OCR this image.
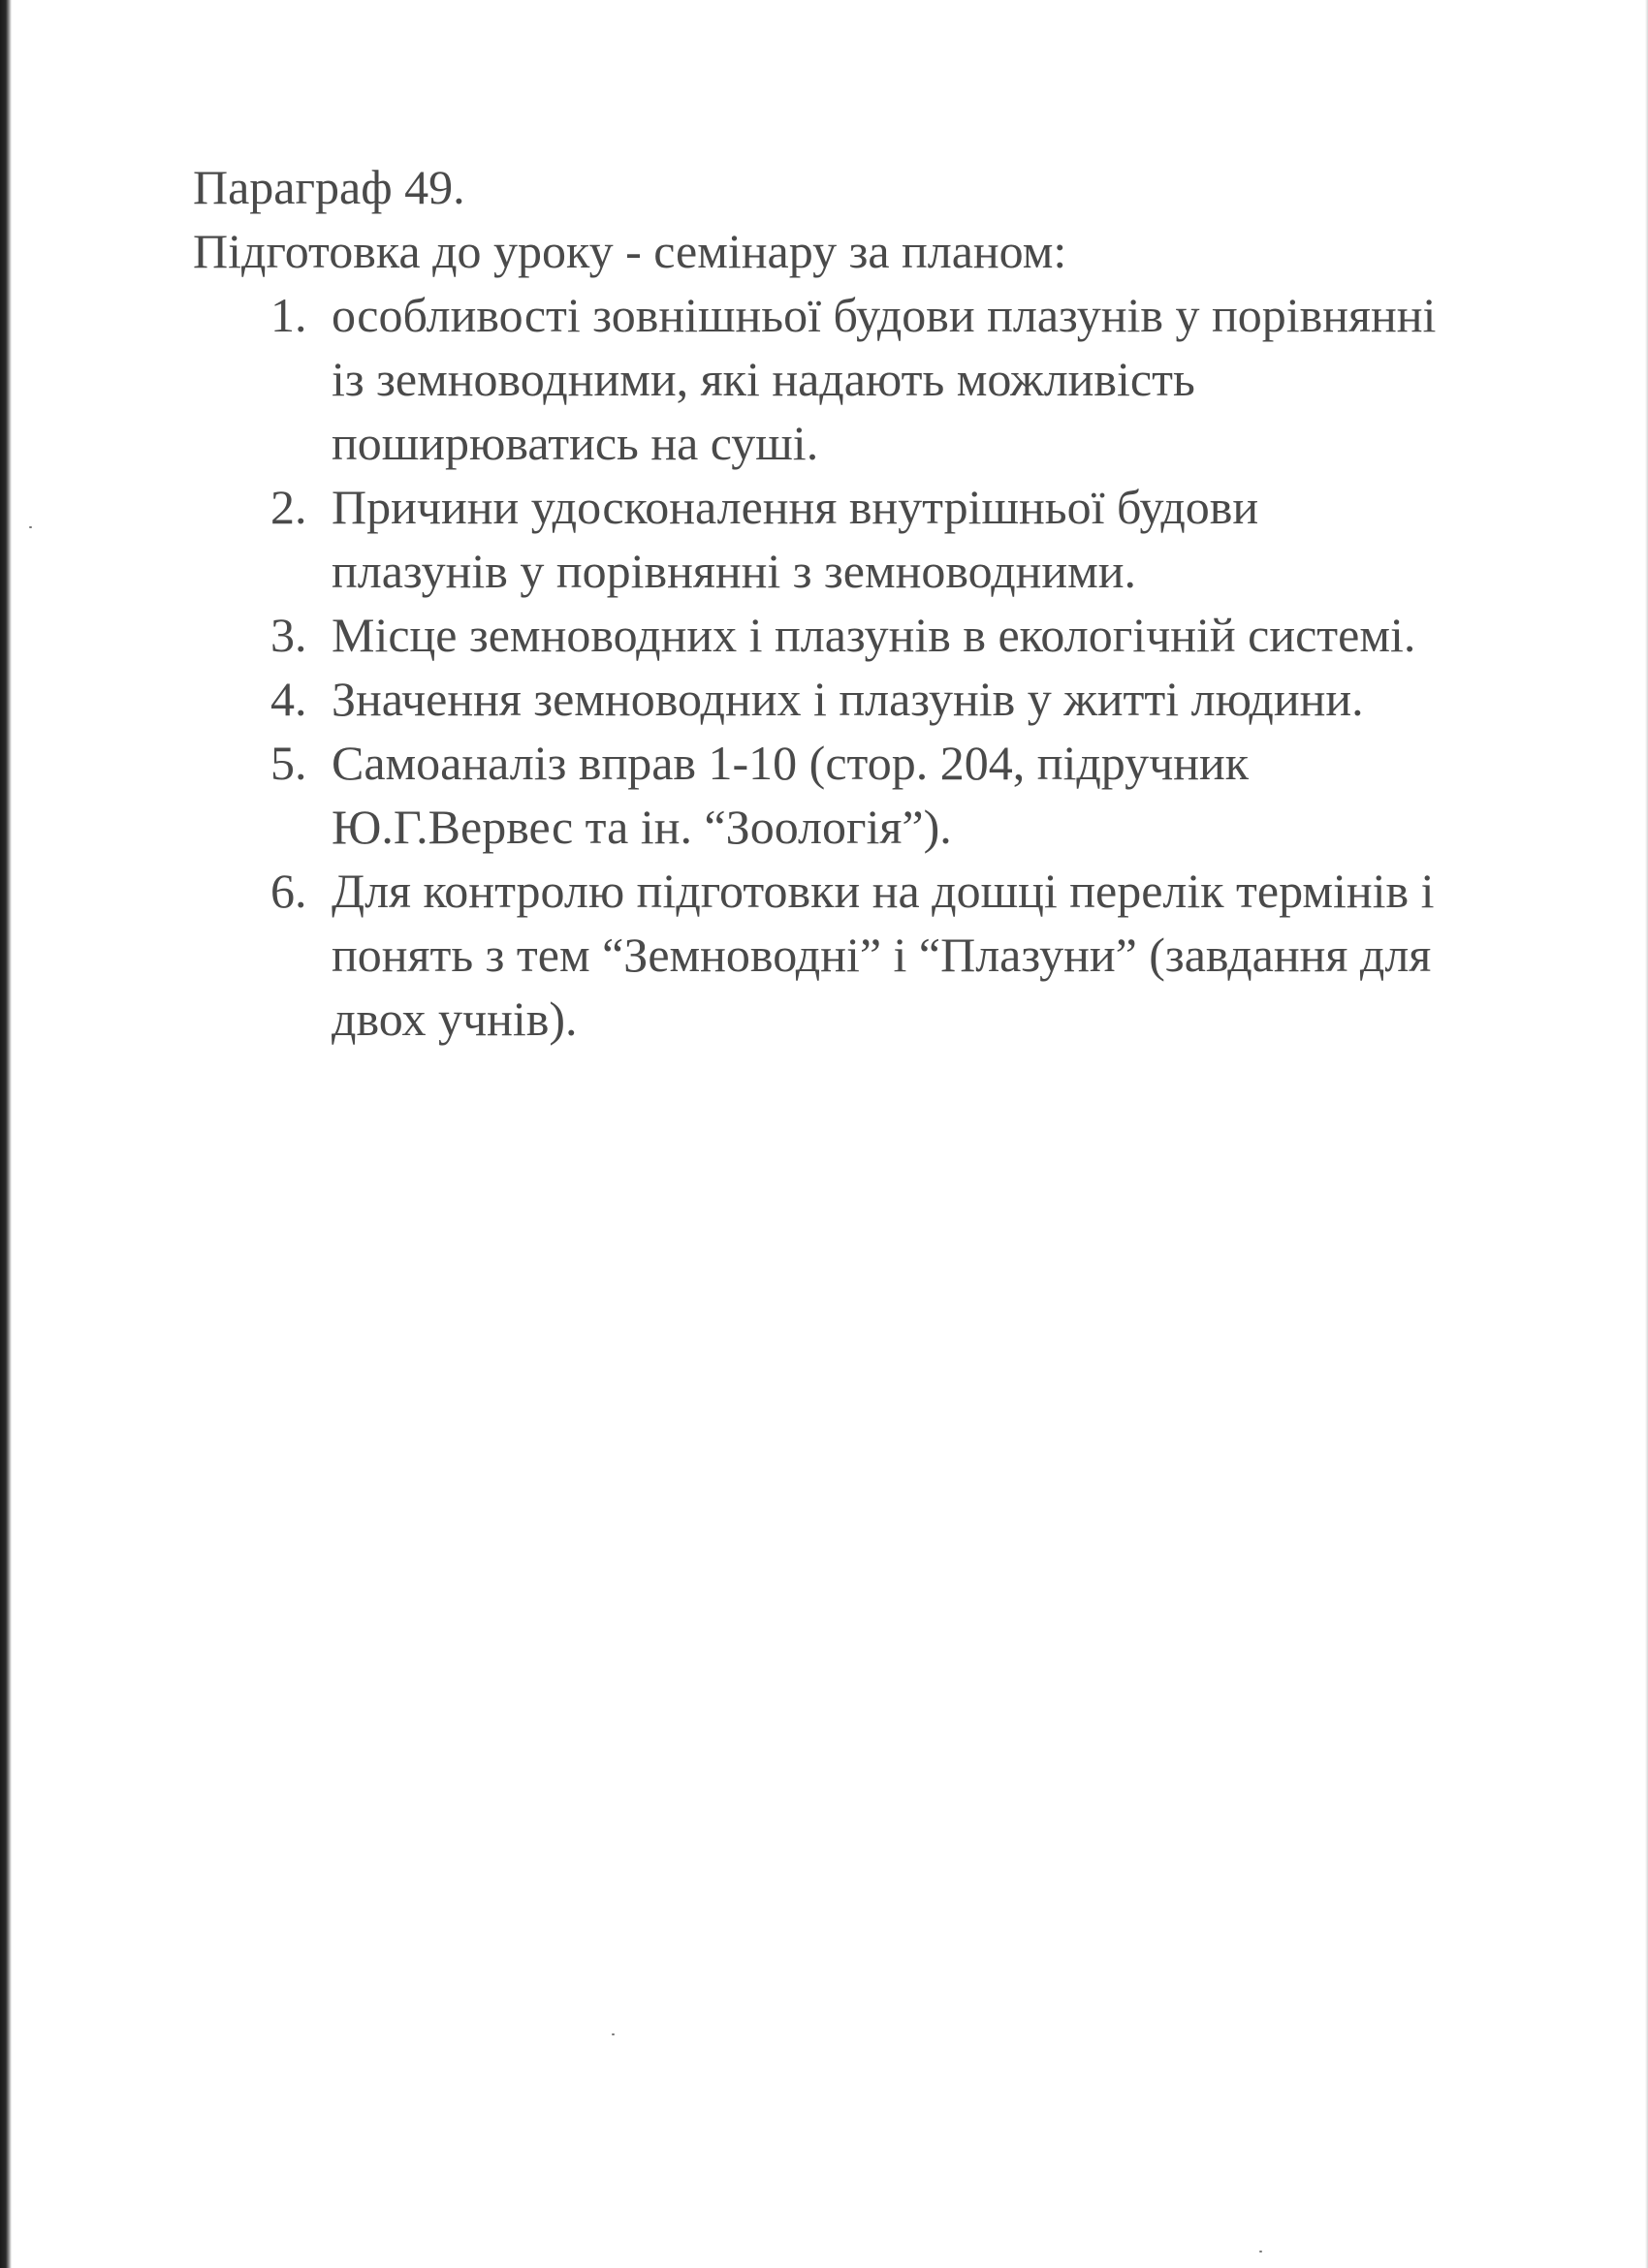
Параграф 49.

Підготовка до уроку - семінару за планом:

1. особливості зовнішньої будови плазунів у порівнянні
із земноводними, які надають можливість
поширюватись на суші.
2. Причини удосконалення внутрішньої будови
плазунів у порівнянні з земноводними.
3. Місце земноводних і плазунів в екологічній системі.
4. Значення земноводних і плазунів у житті людини.
5. Самоаналіз вправ 1-10 (стор. 204, підручник
Ю.Г.Вервес та ін. “Зоологія”).
6. Для контролю підготовки на дошці перелік термінів і
понять з тем “Земноводні” і “Плазуни” (завдання для
двох учнів).
